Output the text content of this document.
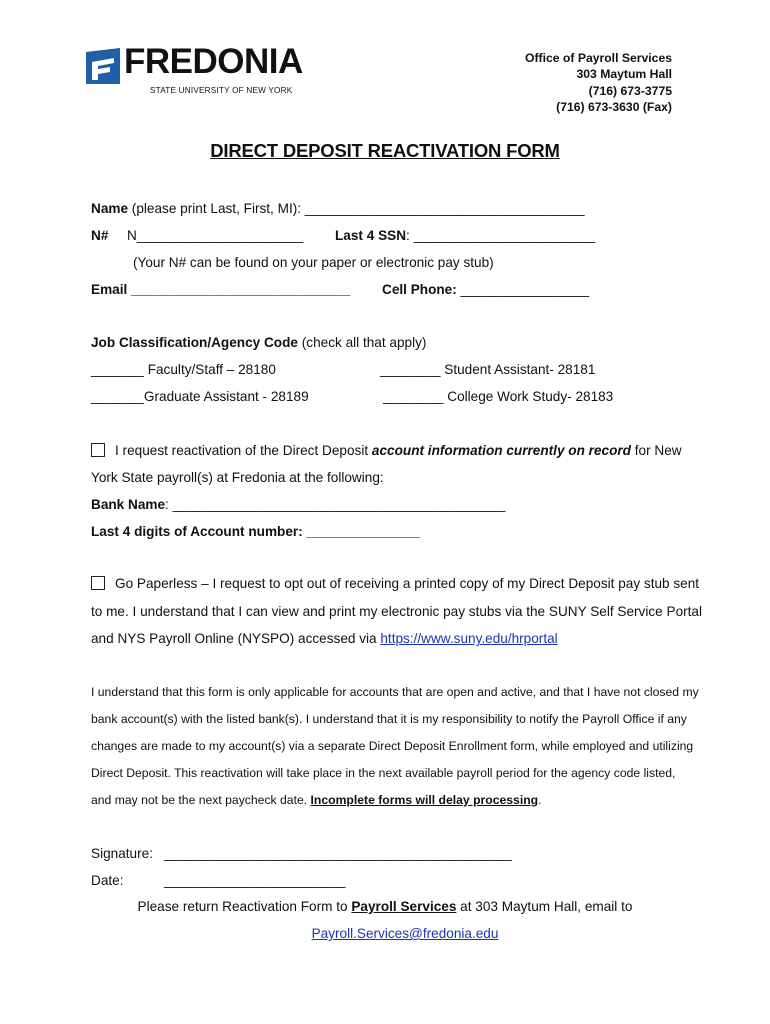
FREDONIA
STATE UNIVERSITY OF NEW YORK
Office of Payroll Services
303 Maytum Hall
(716) 673-3775
(716) 673-3630 (Fax)
DIRECT DEPOSIT REACTIVATION FORM
Name (please print Last, First, MI): _____________________________________
N# N______________________ Last 4 SSN: ________________________
(Your N# can be found on your paper or electronic pay stub)
Email _____________________________ Cell Phone: _________________
Job Classification/Agency Code (check all that apply)
_______ Faculty/Staff – 28180	________ Student Assistant- 28181
_______Graduate Assistant - 28189	________ College Work Study- 28183
I request reactivation of the Direct Deposit account information currently on record for New
York State payroll(s) at Fredonia at the following:
Bank Name: ____________________________________________
Last 4 digits of Account number: _______________
Go Paperless – I request to opt out of receiving a printed copy of my Direct Deposit pay stub sent
to me. I understand that I can view and print my electronic pay stubs via the SUNY Self Service Portal
and NYS Payroll Online (NYSPO) accessed via https://www.suny.edu/hrportal
I understand that this form is only applicable for accounts that are open and active, and that I have not closed my
bank account(s) with the listed bank(s). I understand that it is my responsibility to notify the Payroll Office if any
changes are made to my account(s) via a separate Direct Deposit Enrollment form, while employed and utilizing
Direct Deposit. This reactivation will take place in the next available payroll period for the agency code listed,
and may not be the next paycheck date. Incomplete forms will delay processing.
Signature: ______________________________________________
Date:	________________________
Please return Reactivation Form to Payroll Services at 303 Maytum Hall, email to
Payroll.Services@fredonia.edu
